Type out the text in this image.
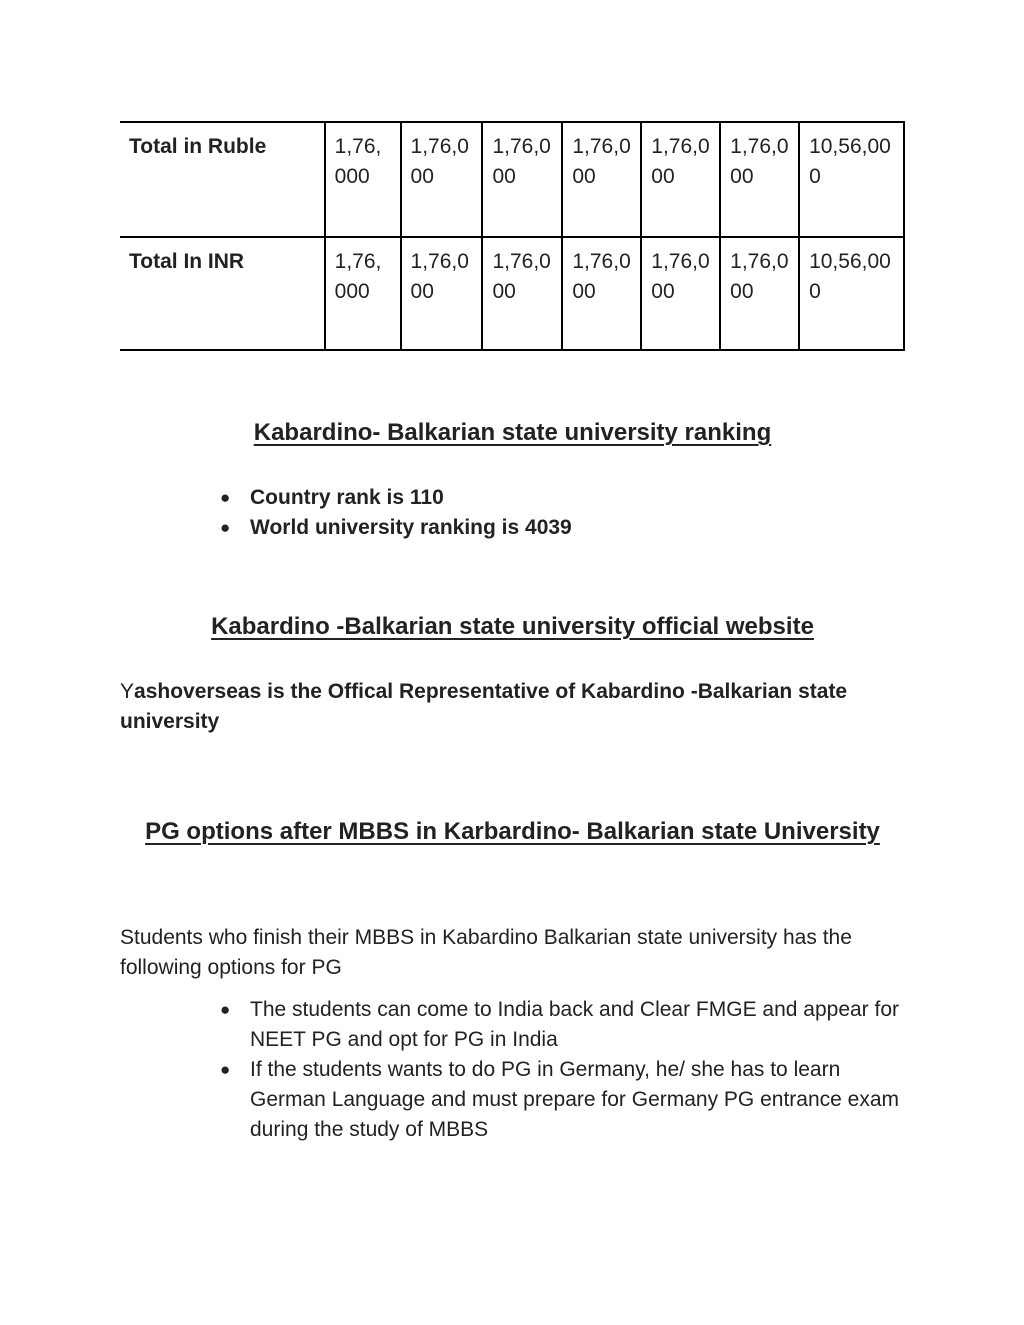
Total in Ruble	1,76,000	1,76,000	1,76,000	1,76,000	1,76,000	1,76,000	10,56,000
Total In INR	1,76,000	1,76,000	1,76,000	1,76,000	1,76,000	1,76,000	10,56,000
Kabardino- Balkarian state university ranking
● Country rank is 110
● World university ranking is 4039
Kabardino -Balkarian state university official website

Yashoverseas is the Offical Representative of Kabardino -Balkarian state university

PG options after MBBS in Karbardino- Balkarian state University

Students who finish their MBBS in Kabardino Balkarian state university has the following options for PG

● The students can come to India back and Clear FMGE and appear for NEET PG and opt for PG in India
● If the students wants to do PG in Germany, he/ she has to learn German Language and must prepare for Germany PG entrance exam during the study of MBBS
